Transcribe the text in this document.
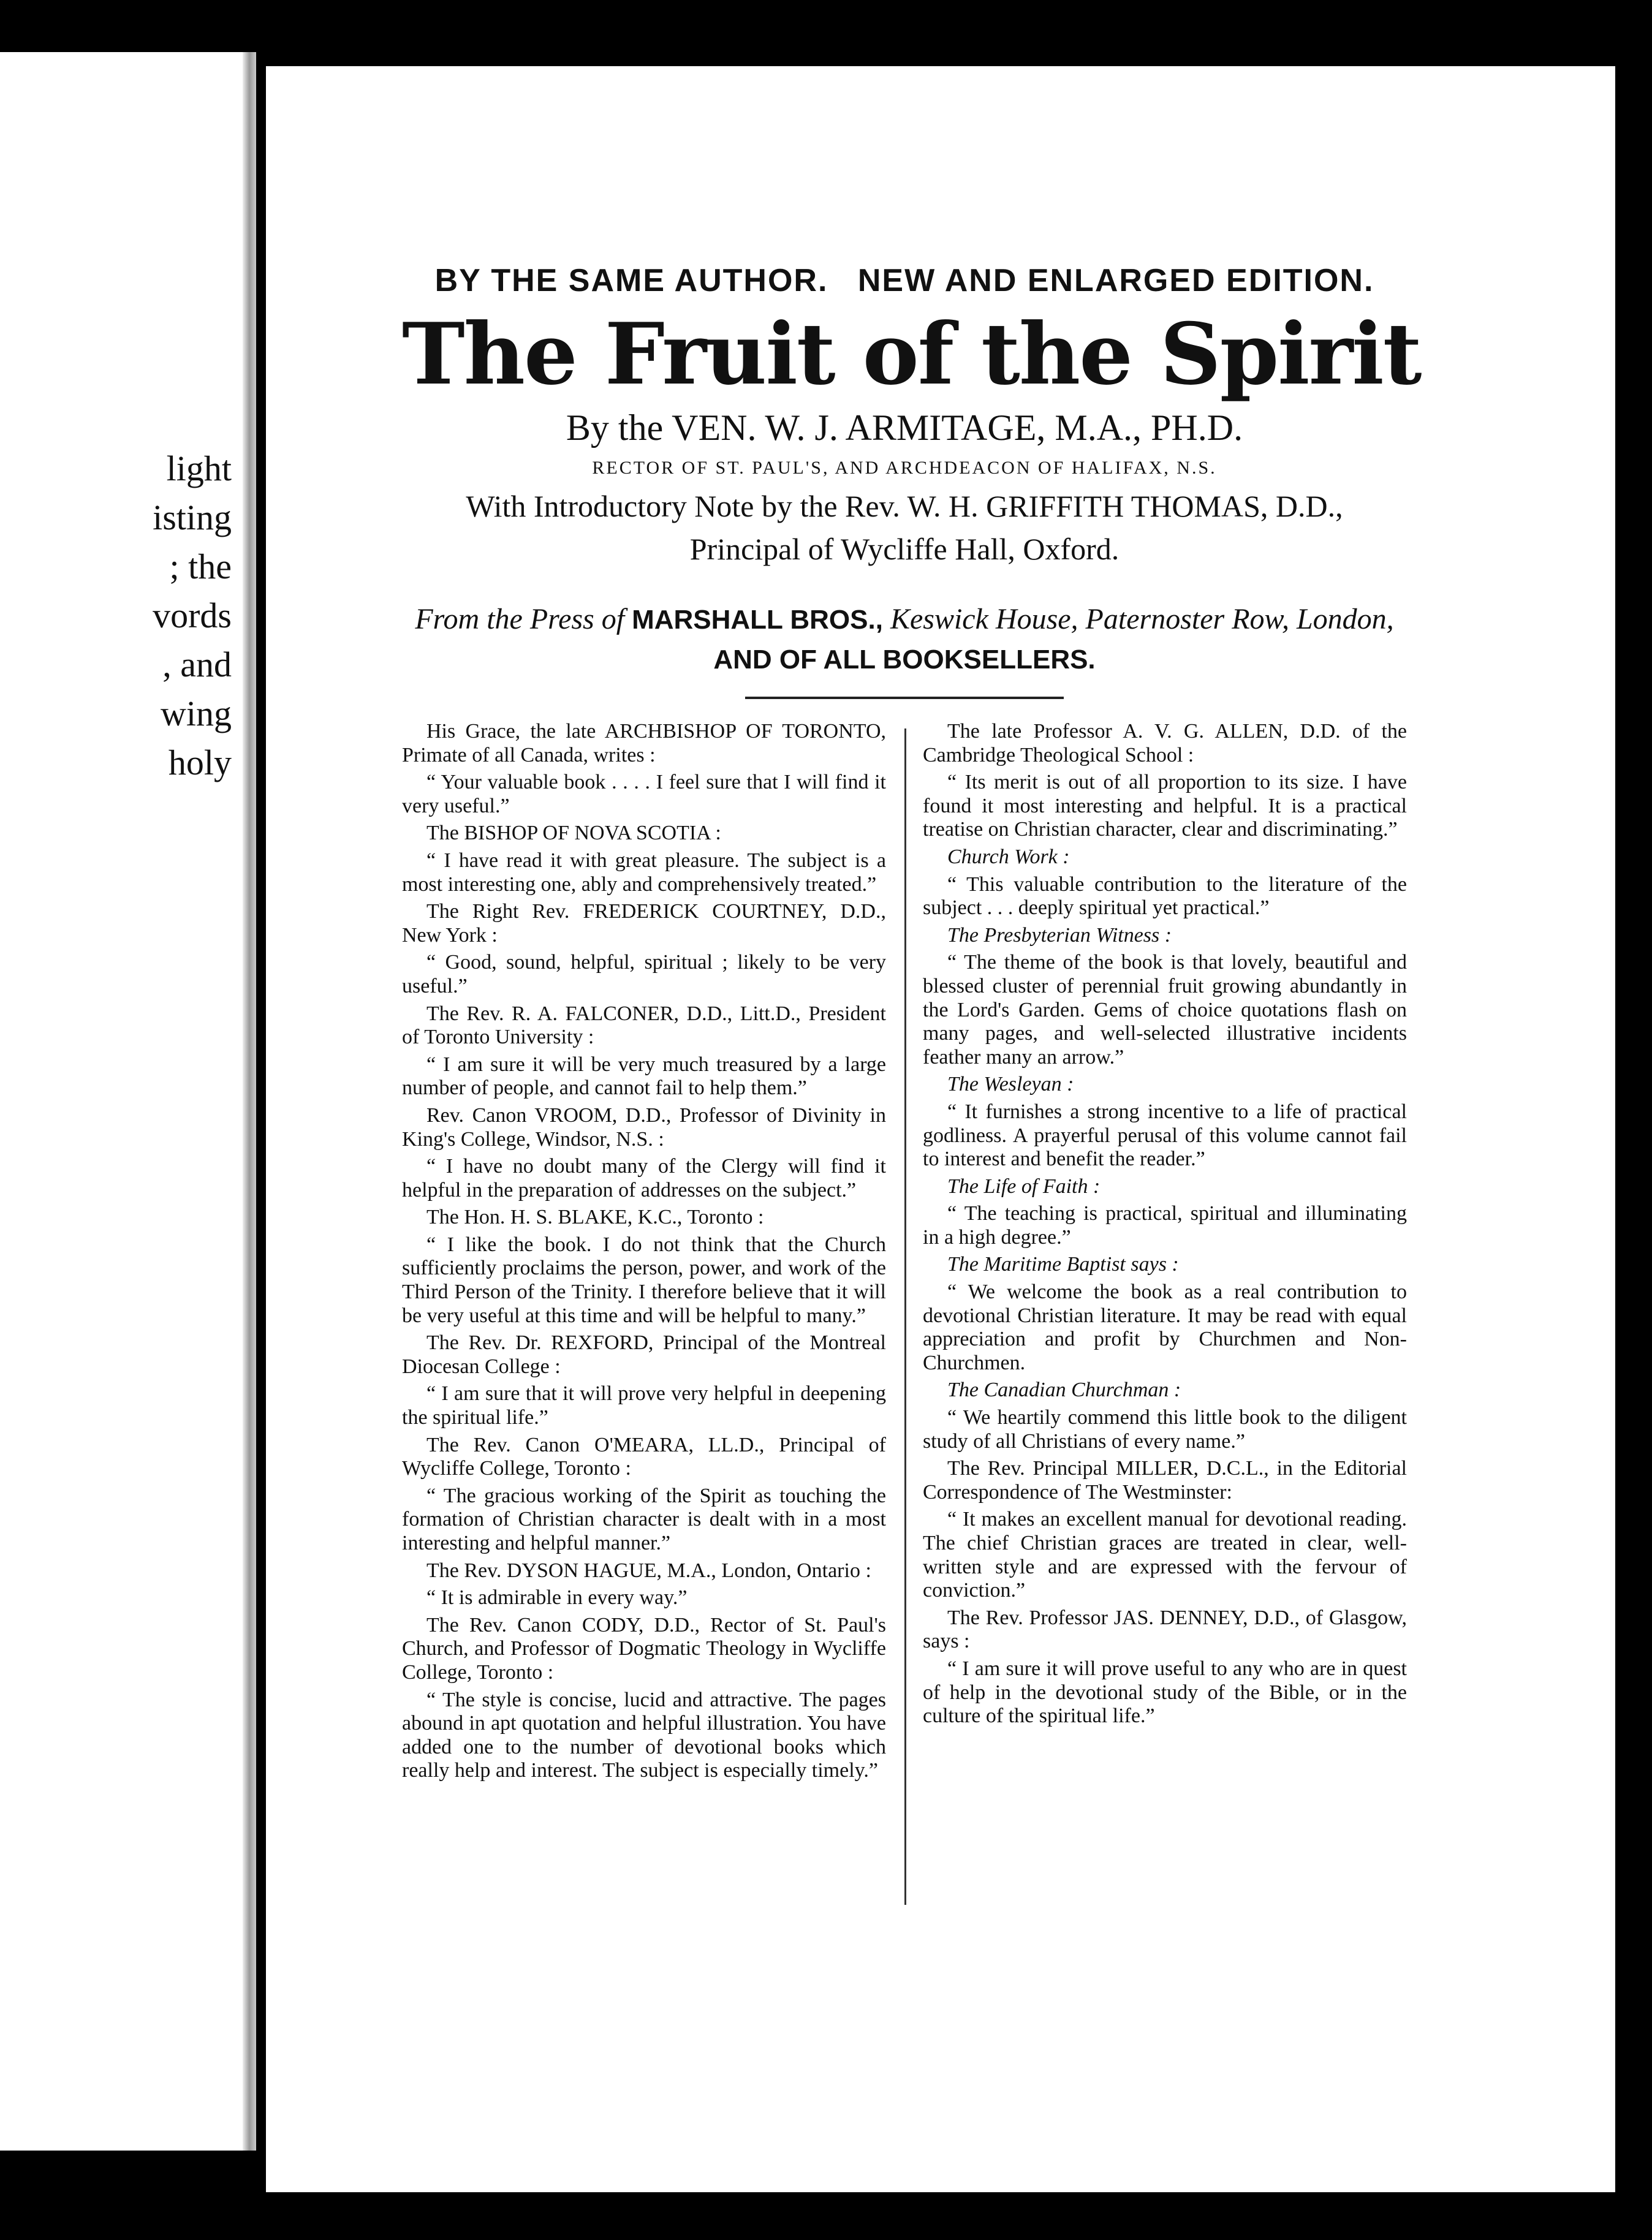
light
isting
; the
vords
, and
wing
holy
BY THE SAME AUTHOR. NEW AND ENLARGED EDITION.
The Fruit of the Spirit
By the VEN. W. J. ARMITAGE, M.A., PH.D.
RECTOR OF ST. PAUL'S, AND ARCHDEACON OF HALIFAX, N.S.
With Introductory Note by the Rev. W. H. GRIFFITH THOMAS, D.D.,
Principal of Wycliffe Hall, Oxford.
From the Press of MARSHALL BROS., Keswick House, Paternoster Row, London, AND OF ALL BOOKSELLERS.

His Grace, the late ARCHBISHOP OF TORONTO, Primate of all Canada, writes :

“ Your valuable book . . . . I feel sure that I will find it very useful.”

The BISHOP OF NOVA SCOTIA :

“ I have read it with great pleasure. The subject is a most interesting one, ably and comprehensively treated.”

The Right Rev. FREDERICK COURTNEY, D.D., New York :

“ Good, sound, helpful, spiritual ; likely to be very useful.”

The Rev. R. A. FALCONER, D.D., Litt.D., President of Toronto University :

“ I am sure it will be very much treasured by a large number of people, and cannot fail to help them.”

Rev. Canon VROOM, D.D., Professor of Divinity in King's College, Windsor, N.S. :

“ I have no doubt many of the Clergy will find it helpful in the preparation of addresses on the subject.”

The Hon. H. S. BLAKE, K.C., Toronto :

“ I like the book. I do not think that the Church sufficiently proclaims the person, power, and work of the Third Person of the Trinity. I therefore believe that it will be very useful at this time and will be helpful to many.”

The Rev. Dr. REXFORD, Principal of the Montreal Diocesan College :

“ I am sure that it will prove very helpful in deepening the spiritual life.”

The Rev. Canon O'MEARA, LL.D., Principal of Wycliffe College, Toronto :

“ The gracious working of the Spirit as touching the formation of Christian character is dealt with in a most interesting and helpful manner.”

The Rev. DYSON HAGUE, M.A., London, Ontario :

“ It is admirable in every way.”

The Rev. Canon CODY, D.D., Rector of St. Paul's Church, and Professor of Dogmatic Theology in Wycliffe College, Toronto :

“ The style is concise, lucid and attractive. The pages abound in apt quotation and helpful illustration. You have added one to the number of devotional books which really help and interest. The subject is especially timely.”

The late Professor A. V. G. ALLEN, D.D. of the Cambridge Theological School :

“ Its merit is out of all proportion to its size. I have found it most interesting and helpful. It is a practical treatise on Christian character, clear and discriminating.”

Church Work :

“ This valuable contribution to the literature of the subject . . . deeply spiritual yet practical.”

The Presbyterian Witness :

“ The theme of the book is that lovely, beautiful and blessed cluster of perennial fruit growing abundantly in the Lord's Garden. Gems of choice quotations flash on many pages, and well-selected illustrative incidents feather many an arrow.”

The Wesleyan :

“ It furnishes a strong incentive to a life of practical godliness. A prayerful perusal of this volume cannot fail to interest and benefit the reader.”

The Life of Faith :

“ The teaching is practical, spiritual and illuminating in a high degree.”

The Maritime Baptist says :

“ We welcome the book as a real contribution to devotional Christian literature. It may be read with equal appreciation and profit by Churchmen and Non-Churchmen.

The Canadian Churchman :

“ We heartily commend this little book to the diligent study of all Christians of every name.”

The Rev. Principal MILLER, D.C.L., in the Editorial Correspondence of The Westminster:

“ It makes an excellent manual for devotional reading. The chief Christian graces are treated in clear, well-written style and are expressed with the fervour of conviction.”

The Rev. Professor JAS. DENNEY, D.D., of Glasgow, says :

“ I am sure it will prove useful to any who are in quest of help in the devotional study of the Bible, or in the culture of the spiritual life.”
